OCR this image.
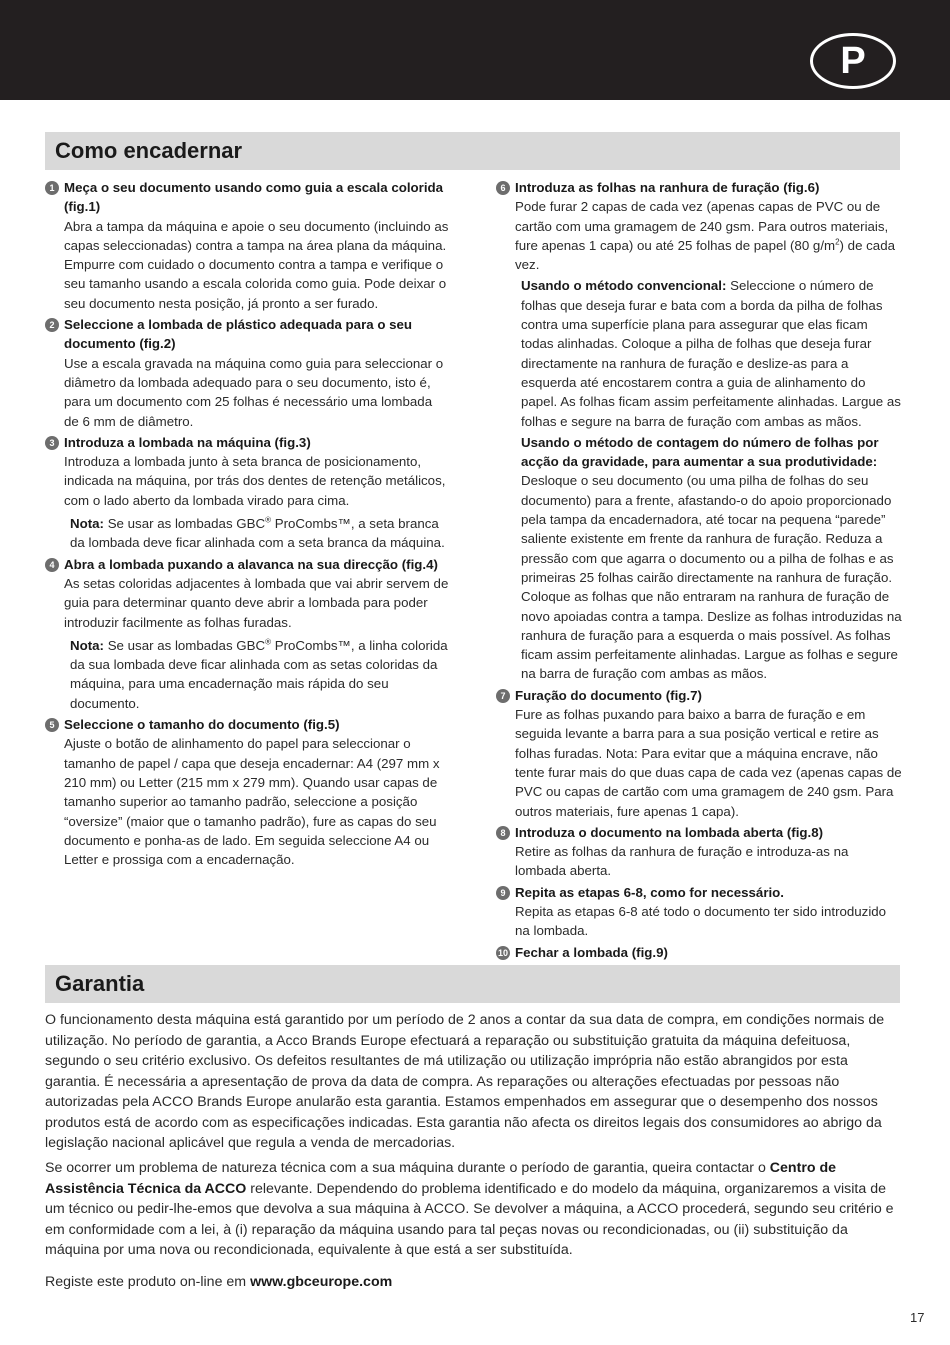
P
Como encadernar
1 Meça o seu documento usando como guia a escala colorida (fig.1)
Abra a tampa da máquina e apoie o seu documento (incluindo as capas seleccionadas) contra a tampa na área plana da máquina. Empurre com cuidado o documento contra a tampa e verifique o seu tamanho usando a escala colorida como guia. Pode deixar o seu documento nesta posição, já pronto a ser furado.
2 Seleccione a lombada de plástico adequada para o seu documento (fig.2)
Use a escala gravada na máquina como guia para seleccionar o diâmetro da lombada adequado para o seu documento, isto é, para um documento com 25 folhas é necessário uma lombada de 6 mm de diâmetro.
3 Introduza a lombada na máquina (fig.3)
Introduza a lombada junto à seta branca de posicionamento, indicada na máquina, por trás dos dentes de retenção metálicos, com o lado aberto da lombada virado para cima.
Nota: Se usar as lombadas GBC® ProCombs™, a seta branca da lombada deve ficar alinhada com a seta branca da máquina.
4 Abra a lombada puxando a alavanca na sua direcção (fig.4)
As setas coloridas adjacentes à lombada que vai abrir servem de guia para determinar quanto deve abrir a lombada para poder introduzir facilmente as folhas furadas.
Nota: Se usar as lombadas GBC® ProCombs™, a linha colorida da sua lombada deve ficar alinhada com as setas coloridas da máquina, para uma encadernação mais rápida do seu documento.
5 Seleccione o tamanho do documento (fig.5)
Ajuste o botão de alinhamento do papel para seleccionar o tamanho de papel / capa que deseja encadernar: A4 (297 mm x 210 mm) ou Letter (215 mm x 279 mm). Quando usar capas de tamanho superior ao tamanho padrão, seleccione a posição “oversize” (maior que o tamanho padrão), fure as capas do seu documento e ponha-as de lado. Em seguida seleccione A4 ou Letter e prossiga com a encadernação.
6 Introduza as folhas na ranhura de furação (fig.6)
Pode furar 2 capas de cada vez (apenas capas de PVC ou de cartão com uma gramagem de 240 gsm. Para outros materiais, fure apenas 1 capa) ou até 25 folhas de papel (80 $g/m^2$) de cada vez.
Usando o método convencional: Seleccione o número de folhas que deseja furar e bata com a borda da pilha de folhas contra uma superfície plana para assegurar que elas ficam todas alinhadas. Coloque a pilha de folhas que deseja furar directamente na ranhura de furação e deslize-as para a esquerda até encostarem contra a guia de alinhamento do papel. As folhas ficam assim perfeitamente alinhadas. Largue as folhas e segure na barra de furação com ambas as mãos.
Usando o método de contagem do número de folhas por acção da gravidade, para aumentar a sua produtividade: Desloque o seu documento (ou uma pilha de folhas do seu documento) para a frente, afastando-o do apoio proporcionado pela tampa da encadernadora, até tocar na pequena “parede” saliente existente em frente da ranhura de furação. Reduza a pressão com que agarra o documento ou a pilha de folhas e as primeiras 25 folhas cairão directamente na ranhura de furação. Coloque as folhas que não entraram na ranhura de furação de novo apoiadas contra a tampa. Deslize as folhas introduzidas na ranhura de furação para a esquerda o mais possível. As folhas ficam assim perfeitamente alinhadas. Largue as folhas e segure na barra de furação com ambas as mãos.
7 Furação do documento (fig.7)
Fure as folhas puxando para baixo a barra de furação e em seguida levante a barra para a sua posição vertical e retire as folhas furadas. Nota: Para evitar que a máquina encrave, não tente furar mais do que duas capa de cada vez (apenas capas de PVC ou capas de cartão com uma gramagem de 240 gsm. Para outros materiais, fure apenas 1 capa).
8 Introduza o documento na lombada aberta (fig.8)
Retire as folhas da ranhura de furação e introduza-as na lombada aberta.
9 Repita as etapas 6-8, como for necessário.
Repita as etapas 6-8 até todo o documento ter sido introduzido na lombada.
10 Fechar a lombada (fig.9)
Garantia
O funcionamento desta máquina está garantido por um período de 2 anos a contar da sua data de compra, em condições normais de utilização. No período de garantia, a Acco Brands Europe efectuará a reparação ou substituição gratuita da máquina defeituosa, segundo o seu critério exclusivo. Os defeitos resultantes de má utilização ou utilização imprópria não estão abrangidos por esta garantia. É necessária a apresentação de prova da data de compra. As reparações ou alterações efectuadas por pessoas não autorizadas pela ACCO Brands Europe anularão esta garantia. Estamos empenhados em assegurar que o desempenho dos nossos produtos está de acordo com as especificações indicadas. Esta garantia não afecta os direitos legais dos consumidores ao abrigo da legislação nacional aplicável que regula a venda de mercadorias.
Se ocorrer um problema de natureza técnica com a sua máquina durante o período de garantia, queira contactar o Centro de Assistência Técnica da ACCO relevante. Dependendo do problema identificado e do modelo da máquina, organizaremos a visita de um técnico ou pedir-lhe-emos que devolva a sua máquina à ACCO. Se devolver a máquina, a ACCO procederá, segundo seu critério e em conformidade com a lei, à (i) reparação da máquina usando para tal peças novas ou recondicionadas, ou (ii) substituição da máquina por uma nova ou recondicionada, equivalente à que está a ser substituída.
Registe este produto on-line em www.gbceurope.com
17
